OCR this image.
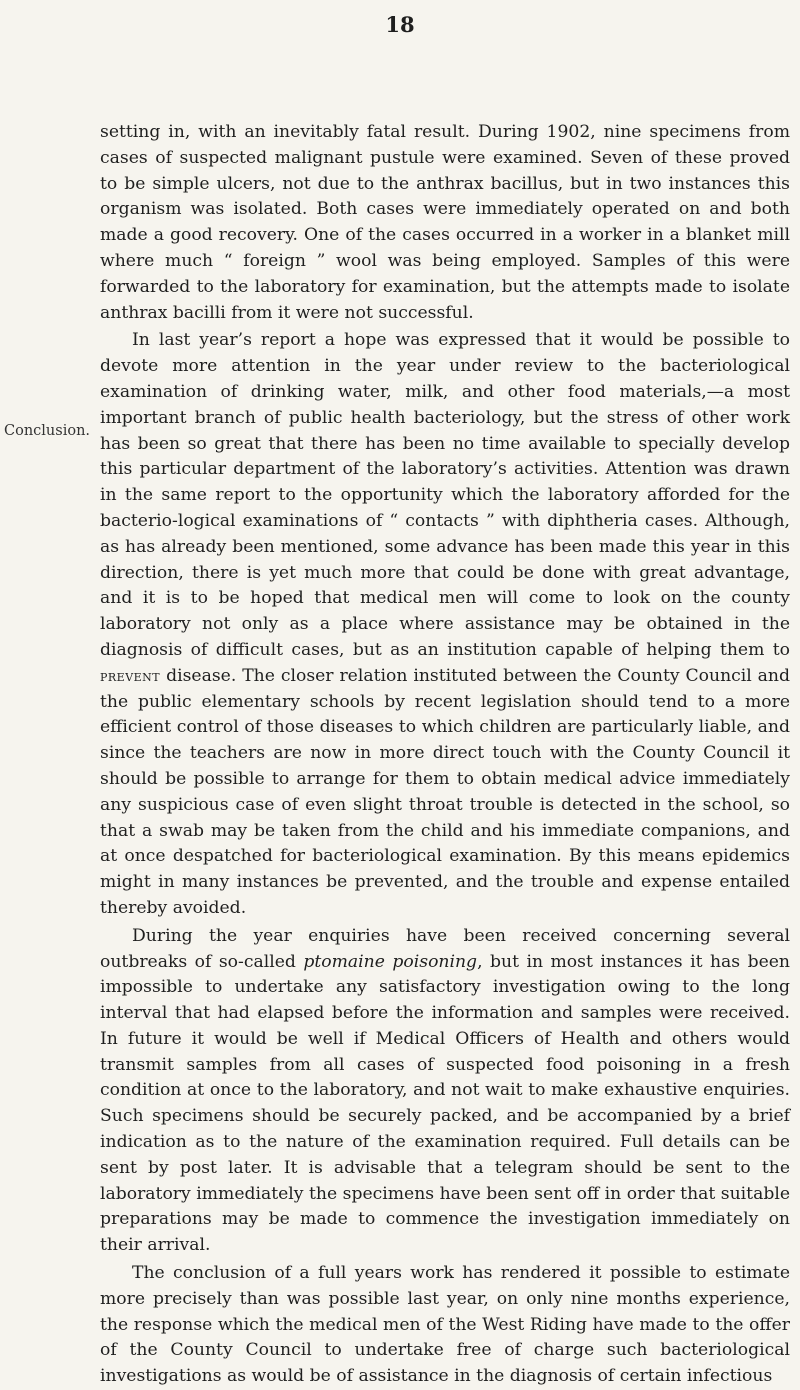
18
Conclusion.

setting in, with an inevitably fatal result. During 1902, nine specimens from cases of suspected malignant pustule were examined. Seven of these proved to be simple ulcers, not due to the anthrax bacillus, but in two instances this organism was isolated. Both cases were immediately operated on and both made a good recovery. One of the cases occurred in a worker in a blanket mill where much “ foreign ” wool was being employed. Samples of this were forwarded to the laboratory for examination, but the attempts made to isolate anthrax bacilli from it were not successful.

In last year’s report a hope was expressed that it would be possible to devote more attention in the year under review to the bacteriological examination of drinking water, milk, and other food materials,—a most important branch of public health bacteriology, but the stress of other work has been so great that there has been no time available to specially develop this particular department of the laboratory’s activities. Attention was drawn in the same report to the opportunity which the laboratory afforded for the bacterio-logical examinations of “ contacts ” with diphtheria cases. Although, as has already been mentioned, some advance has been made this year in this direction, there is yet much more that could be done with great advantage, and it is to be hoped that medical men will come to look on the county laboratory not only as a place where assistance may be obtained in the diagnosis of difficult cases, but as an institution capable of helping them to prevent disease. The closer relation instituted between the County Council and the public elementary schools by recent legislation should tend to a more efficient control of those diseases to which children are particularly liable, and since the teachers are now in more direct touch with the County Council it should be possible to arrange for them to obtain medical advice immediately any suspicious case of even slight throat trouble is detected in the school, so that a swab may be taken from the child and his immediate companions, and at once despatched for bacteriological examination. By this means epidemics might in many instances be prevented, and the trouble and expense entailed thereby avoided.

During the year enquiries have been received concerning several outbreaks of so-called ptomaine poisoning, but in most instances it has been impossible to undertake any satisfactory investigation owing to the long interval that had elapsed before the information and samples were received. In future it would be well if Medical Officers of Health and others would transmit samples from all cases of suspected food poisoning in a fresh condition at once to the laboratory, and not wait to make exhaustive enquiries. Such specimens should be securely packed, and be accompanied by a brief indication as to the nature of the examination required. Full details can be sent by post later. It is advisable that a telegram should be sent to the laboratory immediately the specimens have been sent off in order that suitable preparations may be made to commence the investigation immediately on their arrival.

The conclusion of a full years work has rendered it possible to estimate more precisely than was possible last year, on only nine months experience, the response which the medical men of the West Riding have made to the offer of the County Council to undertake free of charge such bacteriological investigations as would be of assistance in the diagnosis of certain infectious
